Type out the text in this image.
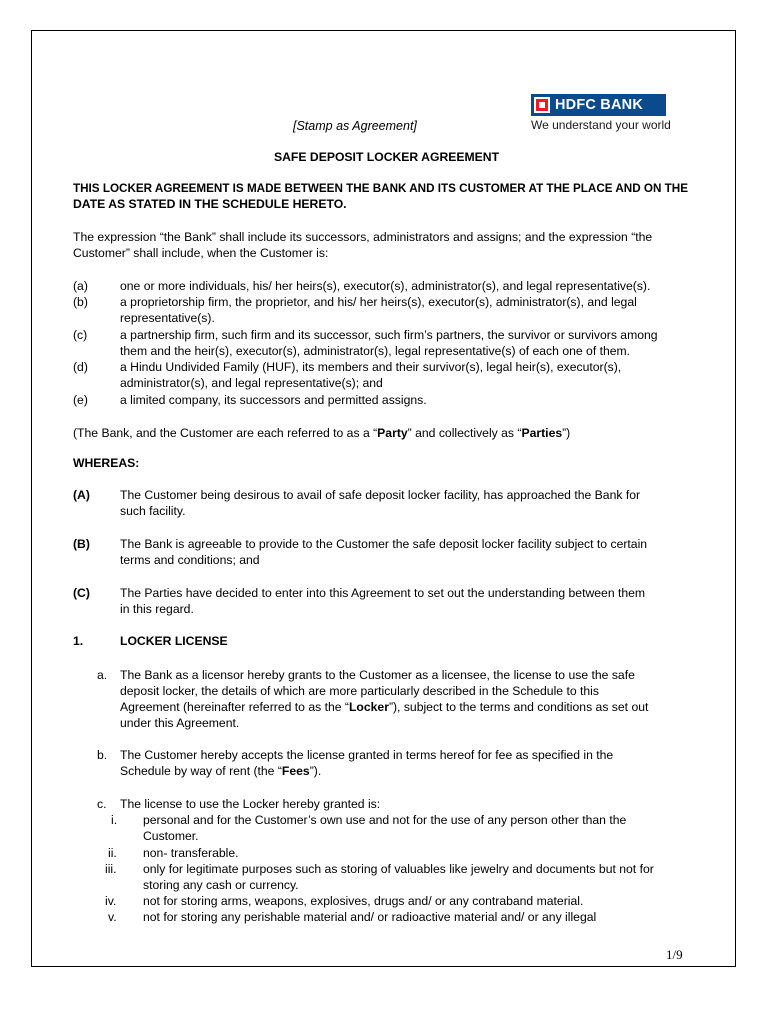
HDFC BANK
We understand your world
[Stamp as Agreement]
SAFE DEPOSIT LOCKER AGREEMENT
THIS LOCKER AGREEMENT IS MADE BETWEEN THE BANK AND ITS CUSTOMER AT THE PLACE AND ON THE
DATE AS STATED IN THE SCHEDULE HERETO.
The expression “the Bank” shall include its successors, administrators and assigns; and the expression “the
Customer” shall include, when the Customer is:
(a)	one or more individuals, his/ her heirs(s), executor(s), administrator(s), and legal representative(s).
(b)	a proprietorship firm, the proprietor, and his/ her heirs(s), executor(s), administrator(s), and legal
representative(s).
(c)	a partnership firm, such firm and its successor, such firm’s partners, the survivor or survivors among
them and the heir(s), executor(s), administrator(s), legal representative(s) of each one of them.
(d)	a Hindu Undivided Family (HUF), its members and their survivor(s), legal heir(s), executor(s),
administrator(s), and legal representative(s); and
(e)	a limited company, its successors and permitted assigns.
(The Bank, and the Customer are each referred to as a “Party” and collectively as “Parties”)
WHEREAS:
(A) The Customer being desirous to avail of safe deposit locker facility, has approached the Bank for
such facility.
(B) The Bank is agreeable to provide to the Customer the safe deposit locker facility subject to certain
terms and conditions; and
(C) The Parties have decided to enter into this Agreement to set out the understanding between them
in this regard.
1.	LOCKER LICENSE
a. The Bank as a licensor hereby grants to the Customer as a licensee, the license to use the safe
deposit locker, the details of which are more particularly described in the Schedule to this
Agreement (hereinafter referred to as the “Locker”), subject to the terms and conditions as set out
under this Agreement.
b. The Customer hereby accepts the license granted in terms hereof for fee as specified in the
Schedule by way of rent (the “Fees”).
c. The license to use the Locker hereby granted is:
i. personal and for the Customer’s own use and not for the use of any person other than the
Customer.
ii. non- transferable.
iii. only for legitimate purposes such as storing of valuables like jewelry and documents but not for
storing any cash or currency.
iv. not for storing arms, weapons, explosives, drugs and/ or any contraband material.
v. not for storing any perishable material and/ or radioactive material and/ or any illegal
1/9
